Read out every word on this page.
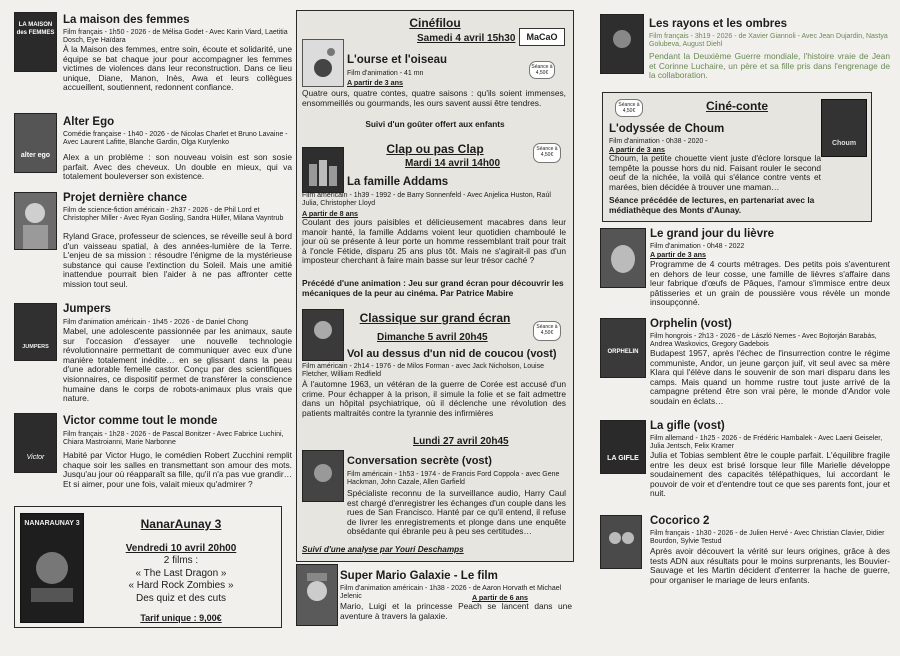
LA MAISON des FEMMES
La maison des femmes
Film français - 1h50 - 2026 - de Mélisa Godet - Avec Karin Viard, Laetitia Dosch, Eye Haïdara
À la Maison des femmes, entre soin, écoute et solidarité, une équipe se bat chaque jour pour accompagner les femmes victimes de violences dans leur reconstruction. Dans ce lieu unique, Diane, Manon, Inès, Awa et leurs collègues accueillent, soutiennent, redonnent confiance.
alter ego
Alter Ego
Comédie française - 1h40 - 2026 - de Nicolas Charlet et Bruno Lavaine - Avec Laurent Lafitte, Blanche Gardin, Olga Kurylenko
Alex a un problème : son nouveau voisin est son sosie parfait. Avec des cheveux. Un double en mieux, qui va totalement bouleverser son existence.
Projet dernière chance
Film de science-fiction américain - 2h37 - 2026 - de Phil Lord et Christopher Miller - Avec Ryan Gosling, Sandra Hüller, Milana Vayntrub
Ryland Grace, professeur de sciences, se réveille seul à bord d'un vaisseau spatial, à des années-lumière de la Terre. L'enjeu de sa mission : résoudre l'énigme de la mystérieuse substance qui cause l'extinction du Soleil. Mais une amitié inattendue pourrait bien l'aider à ne pas affronter cette mission tout seul.
JUMPERS
Jumpers
Film d'animation américain - 1h45 - 2026 - de Daniel Chong
Mabel, une adolescente passionnée par les animaux, saute sur l'occasion d'essayer une nouvelle technologie révolutionnaire permettant de communiquer avec eux d'une manière totalement inédite… en se glissant dans la peau d'une adorable femelle castor. Conçu par des scientifiques visionnaires, ce dispositif permet de transférer la conscience humaine dans le corps de robots-animaux plus vrais que nature.
Victor
Victor comme tout le monde
Film français - 1h28 - 2026 - de Pascal Bonitzer - Avec Fabrice Luchini, Chiara Mastroianni, Marie Narbonne
Habité par Victor Hugo, le comédien Robert Zucchini remplit chaque soir les salles en transmettant son amour des mots. Jusqu'au jour où réapparaît sa fille, qu'il n'a pas vue grandir… Et si aimer, pour une fois, valait mieux qu'admirer ?
NANARAUNAY 3	NanarAunay 3
Vendredi 10 avril 20h00
2 films :
« The Last Dragon »
« Hard Rock Zombies »
Des quiz et des cuts
Tarif unique : 9,00€
Cinéfilou
Samedi 4 avril 15h30	MaCaO
Séance à 4,50€
L'ourse et l'oiseau
Film d'animation - 41 mn
A partir de 3 ans
Quatre ours, quatre contes, quatre saisons : qu'ils soient immenses, ensommeillés ou gourmands, les ours savent aussi être tendres.
Suivi d'un goûter offert aux enfants
Clap ou pas Clap
Mardi 14 avril 14h00
Séance à 4,50€
La famille Addams
Film américain - 1h39 - 1992 - de Barry Sonnenfeld - Avec Anjelica Huston, Raúl Julia, Christopher Lloyd
A partir de 8 ans
Coulant des jours paisibles et délicieusement macabres dans leur manoir hanté, la famille Addams voient leur quotidien chamboulé le jour où se présente à leur porte un homme ressemblant trait pour trait à l'oncle Fétide, disparu 25 ans plus tôt. Mais ne s'agirait-il pas d'un imposteur cherchant à faire main basse sur leur trésor caché ?
Précédé d'une animation : Jeu sur grand écran pour découvrir les mécaniques de la peur au cinéma. Par Patrice Mabire
Classique sur grand écran
Séance à 4,50€
Dimanche 5 avril 20h45
Vol au dessus d'un nid de coucou (vost)
Film américain - 2h14 - 1976 - de Milos Forman - avec Jack Nicholson, Louise Fletcher, William Redfield
À l'automne 1963, un vétéran de la guerre de Corée est accusé d'un crime. Pour échapper à la prison, il simule la folie et se fait admettre dans un hôpital psychiatrique, où il déclenche une révolution des patients maltraités contre la tyrannie des infirmières
Lundi 27 avril 20h45
Conversation secrète (vost)
Film américain - 1h53 - 1974 - de Francis Ford Coppola - avec Gene Hackman, John Cazale, Allen Garfield
Spécialiste reconnu de la surveillance audio, Harry Caul est chargé d'enregistrer les échanges d'un couple dans les rues de San Francisco. Hanté par ce qu'il entend, il refuse de livrer les enregistrements et plonge dans une enquête obsédante qui ébranle peu à peu ses certitudes…
Suivi d'une analyse par Youri Deschamps
Super Mario Galaxie - Le film
Film d'animation américain - 1h38 - 2026 - de Aaron Horvath et Michael Jelenic	A partir de 6 ans
Mario, Luigi et la princesse Peach se lancent dans une aventure à travers la galaxie.
Les rayons et les ombres
Film français - 3h19 - 2026 - de Xavier Giannoli - Avec Jean Dujardin, Nastya Golubeva, August Diehl
Pendant la Deuxième Guerre mondiale, l'histoire vraie de Jean et Corinne Luchaire, un père et sa fille pris dans l'engrenage de la collaboration.
Séance à 4,50€	Ciné-conte
Choum
L'odyssée de Choum
Film d'animation - 0h38 - 2020 -
A partir de 3 ans
Choum, la petite chouette vient juste d'éclore lorsque la tempête la pousse hors du nid. Faisant rouler le second oeuf de la nichée, la voilà qui s'élance contre vents et marées, bien décidée à trouver une maman…
Séance précédée de lectures, en partenariat avec la médiathèque des Monts d'Aunay.
Le grand jour du lièvre
Film d'animation - 0h48 - 2022
A partir de 3 ans
Programme de 4 courts métrages. Des petits pois s'aventurent en dehors de leur cosse, une famille de lièvres s'affaire dans leur fabrique d'œufs de Pâques, l'amour s'immisce entre deux pâtisseries et un grain de poussière vous révèle un monde insoupçonné.
ORPHELIN
Orphelin (vost)
Film hongrois - 2h13 - 2026 - de László Nemes - Avec Bojtorján Barabás, Andrea Waskovics, Gregory Gadebois
Budapest 1957, après l'échec de l'insurrection contre le régime communiste, Andor, un jeune garçon juif, vit seul avec sa mère Klara qui l'élève dans le souvenir de son mari disparu dans les camps. Mais quand un homme rustre tout juste arrivé de la campagne prétend être son vrai père, le monde d'Andor vole soudain en éclats…
LA GIFLE
La gifle (vost)
Film allemand - 1h25 - 2026 - de Frédéric Hambalek - Avec Laeni Geiseler, Julia Jentsch, Felix Kramer
Julia et Tobias semblent être le couple parfait. L'équilibre fragile entre les deux est brisé lorsque leur fille Marielle développe soudainement des capacités télépathiques, lui accordant le pouvoir de voir et d'entendre tout ce que ses parents font, jour et nuit.
Cocorico 2
Film français - 1h30 - 2026 - de Julien Hervé - Avec Christian Clavier, Didier Bourdon, Sylvie Testud
Après avoir découvert la vérité sur leurs origines, grâce à des tests ADN aux résultats pour le moins surprenants, les Bouvier-Sauvage et les Martin décident d'enterrer la hache de guerre, pour organiser le mariage de leurs enfants.
